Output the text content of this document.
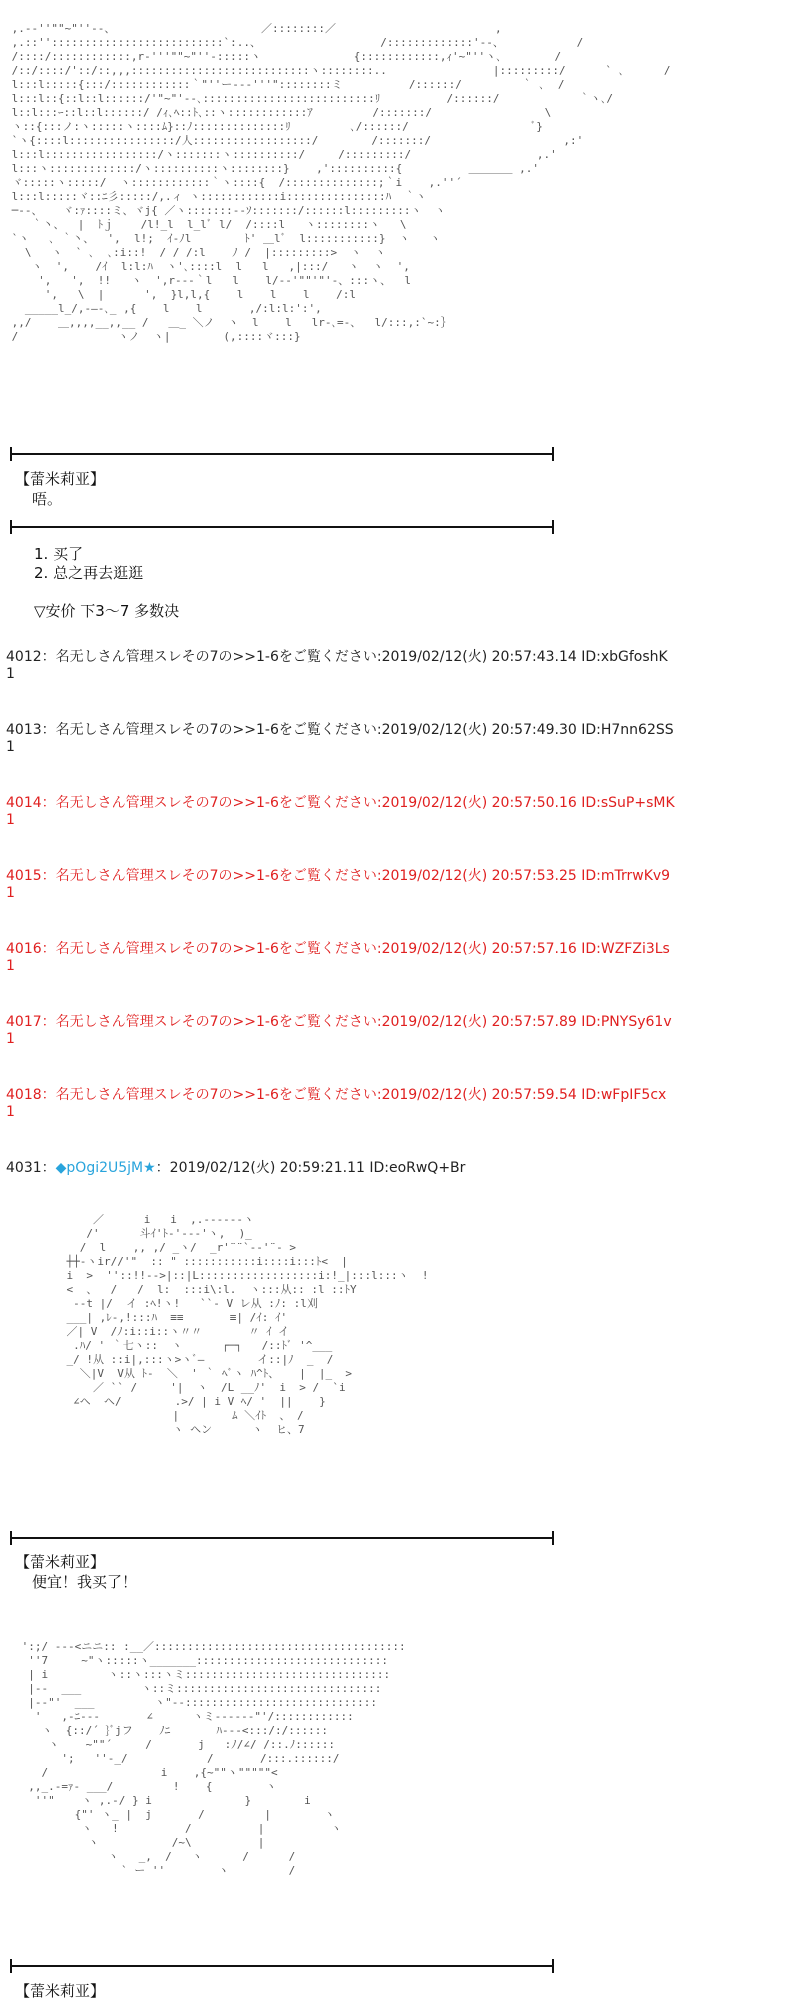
,.-‐''""~"''‐-、                      ／::::::::／                        ,
,.::''::::::::::::::::::::::::::`:..、                  /:::::::::::::'‐-、           /
/::::/::::::::::::,r‐'''""~"''-:::::ヽ              {::::::::::::,ｨ'~"''ヽ､        /
/::/::::/'::/::,,,:::::::::::::::::::::::::::ヽ::::::::..                |:::::::::/      ` ､      /
l:::l:::::{:::/::::::::::::｀"''ー--‐'''"::::::::ミ          /::::::/         ｀ ､  /
l:::l::{::l::l::::::/'"~"'‐-､::::::::::::::::::::::::::ﾘ          /::::::/            ｀ヽ､/
l::l:::ｰ::l::l::::::/ /ｨ､ﾍ::ﾄ､::ヽ::::::::::::ｱ         /:::::::/                 \
ヽ::{:::ノ:ヽ:::::ヽ::::ﾑ}::ﾉ::::::::::::::ﾘ         ､/::::::/                   ﾞ}
`ヽ{::::l::::::::::::::::/人::::::::::::::::::/        /:::::::/                    ,:'
l:::l:::::::::::::::::/ヽ:::::::ヽ::::::::::/     /:::::::::/                   ,.'
l:::ヽ:::::::::::::/ヽ::::::::::ヽ::::::::}    ,'::::::::::{          ＿＿＿＿ ,.'
ヾ:::::ヽ:::::/  ヽ::::::::::::｀ヽ::::{  /::::::::::::::;｀i    ,.''´
l:::l:::::ヾ::ﾆ彡:::::/,.ィ ヽ::::::::::::i:::::::::::::::ﾊ  ｀ヽ
─‐-、   ヾ:ｧ::::ミ、ヾj{ ／ヽ:::::::--ｿ:::::::/::::::l:::::::::ヽ  ヽ
｀丶、  |  ﾄｊ    /l!_l  l_lﾞ l/  /::::l   ヽ::::::::ヽ   \
`ヽ   ､ ｀丶、  ',  l!;  ｲ‐ﾉl        ﾄ' ＿lﾞ  l:::::::::::}  ヽ   ヽ
\   ヽ  ` ､  ､:i::!  / / /:l    ﾉ /  |:::::::::>  ヽ  ヽ
ヽ  ',    /ｲ  l:l:ﾊ  ヽ'､::::l  l   l   ,|:::/   ヽ  ヽ  ',
',   ',  !!   ヽ  ',r---｀l   l    l/-‐'""'"'‐、:::ヽ、  l
',   \  |      ',  }l,l,{    l    l    l    /:l
_____l_/,-―‐､_ ,{    l    l       ,/:l:l:':',
,,/    ＿,,,,__,,__ /   ＿_ ＼ノ  ヽ  l    l   lr-､=-、  l/:::,:`~:｝
/               ヽノ  ヽ|        (,::::ヾ:::}
【蕾米莉亚】
唔。
1. 买了
2. 总之再去逛逛
▽安价 下3～7 多数决
4012：名无しさん管理スレその7の>>1-6をご覧ください:2019/02/12(火) 20:57:43.14 ID:xbGfoshK
1
4013：名无しさん管理スレその7の>>1-6をご覧ください:2019/02/12(火) 20:57:49.30 ID:H7nn62SS
1
4014：名无しさん管理スレその7の>>1-6をご覧ください:2019/02/12(火) 20:57:50.16 ID:sSuP+sMK
1
4015：名无しさん管理スレその7の>>1-6をご覧ください:2019/02/12(火) 20:57:53.25 ID:mTrrwKv9
1
4016：名无しさん管理スレその7の>>1-6をご覧ください:2019/02/12(火) 20:57:57.16 ID:WZFZi3Ls
1
4017：名无しさん管理スレその7の>>1-6をご覧ください:2019/02/12(火) 20:57:57.89 ID:PNYSy61v
1
4018：名无しさん管理スレその7の>>1-6をご覧ください:2019/02/12(火) 20:57:59.54 ID:wFpIF5cx
1
4031：◆pOgi2U5jM★：2019/02/12(火) 20:59:21.11 ID:eoRwQ+Br
／      i   i  ,.------ヽ
/'      斗ｲ'ﾄ‐'‐--'ヽ,  )_
/  l    ,, ,/ _ヽ/  _r'¨¨`-‐'¨‐ >
┼┼-ヽir//'"  :: " :::::::::::i::::i:::ﾄ<  |
i  >  ''::!!-‐>|::|L::::::::::::::::::i:!_|:::l:::ヽ  !
<  、  /   /  l:  :::i\:l.  ヽ:::从:: :l ::ﾄY
--t |/  イ :ﾍ!ヽ!   ``‐ V レ从 :ﾉ: :l刈
___| ,ﾚ-,!:::ﾊ  ≡≡       ≡| /ｲ: ｲ'
／| V  /ﾉ:i::i::ヽ〃〃       〃 ｲ イ
.ﾊ/ ' ｀七ヽ::  ヽ      ┌─┐   /::ﾄﾞ '^___
_/ !从 ::i|,:::ヽ>ヽﾞ―        イ::|ﾉ  _  /
＼|V  V从 ﾄ-  ＼  ' ｀ ﾍﾞヽ ﾊ^ﾄ、   |  |_  >
／ `` /     '|  ヽ  /L __ﾉ'  i  > /  `i
∠ヘ  ヘ/        .>/ | i V ﾍ/ '  ||    }
|        ﾑ ＼ｲﾄ  、 /
ヽ ヘン      ヽ  ヒ、7
【蕾米莉亚】
便宜！我买了！
':;/ ---<ニニ:: :__／::::::::::::::::::::::::::::::::::::::
''7     ~"ヽ:::::ヽ_______:::::::::::::::::::::::::::::
| i         ヽ::ヽ:::ヽミ:::::::::::::::::::::::::::::::
|--  ___         ヽ::ミ:::::::::::::::::::::::::::::::
|--"'  ___         ヽ"--:::::::::::::::::::::::::::::
'   ,-ﾆ---       ∠      ヽミ------"'/::::::::::::
ヽ  {::/´ }ﾞjフ    ﾉﾆ       ﾊ---<:::/:/::::::
ヽ    ~""´     /       j   :ﾉ/∠/ /::.ﾉ::::::
';   ''-_/            /       /:::.::::::/
/                 i    ,{~""ヽ"""""<
,,_.-=ｧ- ___/         !    {        ヽ
''"    ヽ ,.-/ } i              }        i
{"' ヽ_ |  j       /         |        ヽ
ヽ   !          /          |          ヽ
ヽ           /~\          |
ヽ   _,  /   ヽ      /      /
` ー ''        ヽ         /
【蕾米莉亚】
